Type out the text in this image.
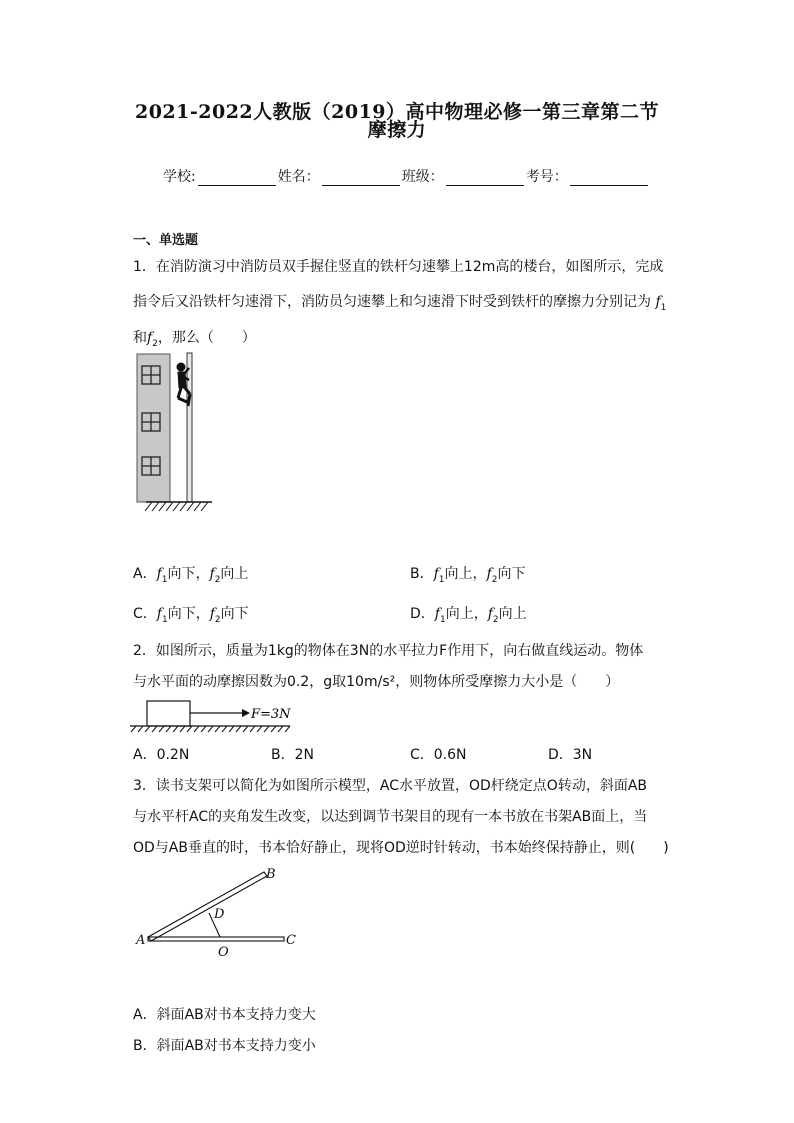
2021-2022人教版（2019）高中物理必修一第三章第二节
摩擦力
学校:	姓名：	班级：	考号：
一、单选题
1．在消防演习中消防员双手握住竖直的铁杆匀速攀上12m高的楼台，如图所示，完成
指令后又沿铁杆匀速滑下，消防员匀速攀上和匀速滑下时受到铁杆的摩擦力分别记为 $f_1$
和$f_2$，那么（　　）
A．$f_1$向下，$f_2$向上	B．$f_1$向上，$f_2$向下
C．$f_1$向下，$f_2$向下	D．$f_1$向上，$f_2$向上
2．如图所示，质量为1kg的物体在3N的水平拉力F作用下，向右做直线运动。物体
与水平面的动摩擦因数为0.2，g取10m/s²，则物体所受摩擦力大小是（　　）
F=3N
A．0.2N	B．2N	C．0.6N	D．3N
3．读书支架可以简化为如图所示模型，AC水平放置，OD杆绕定点O转动，斜面AB
与水平杆AC的夹角发生改变，以达到调节书架目的现有一本书放在书架AB面上，当
OD与AB垂直的时，书本恰好静止，现将OD逆时针转动，书本始终保持静止，则(　　)
A
B
C
D
O
A．斜面AB对书本支持力变大
B．斜面AB对书本支持力变小
